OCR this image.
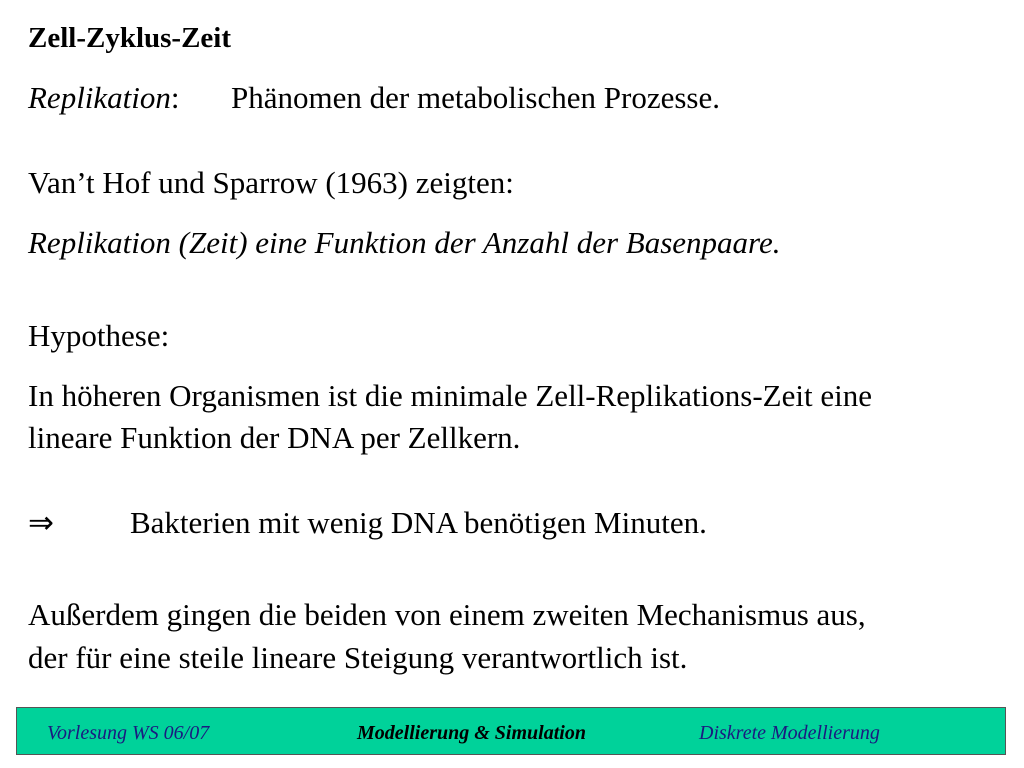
Zell-Zyklus-Zeit
Replikation: Phänomen der metabolischen Prozesse.
Van’t Hof und Sparrow (1963) zeigten:
Replikation (Zeit) eine Funktion der Anzahl der Basenpaare.
Hypothese:
In höheren Organismen ist die minimale Zell-Replikations-Zeit eine
lineare Funktion der DNA per Zellkern.
⇒ Bakterien mit wenig DNA benötigen Minuten.
Außerdem gingen die beiden von einem zweiten Mechanismus aus,
der für eine steile lineare Steigung verantwortlich ist.
Vorlesung WS 06/07	Modellierung & Simulation	Diskrete Modellierung
